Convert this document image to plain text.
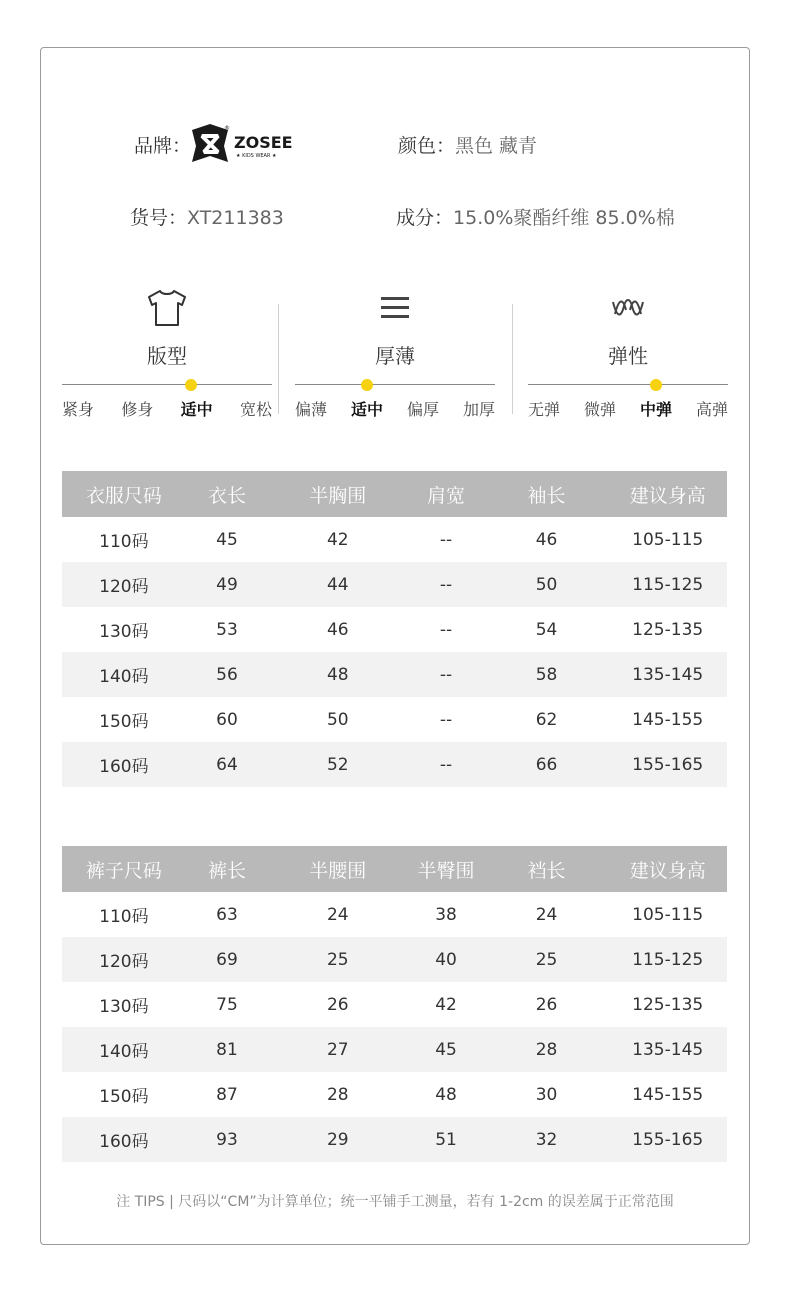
品牌：
®
ZOSEE
★ KIDS WEAR ★	颜色：黑色 藏青
货号：XT211383	成分：15.0%聚酯纤维 85.0%棉
版型
紧身 修身 适中 宽松
厚薄
偏薄 适中 偏厚 加厚
弹性
无弹 微弹 中弹 高弹
衣服尺码	衣长	半胸围	肩宽	袖长	建议身高
110码	45	42	--	46	105-115
120码	49	44	--	50	115-125
130码	53	46	--	54	125-135
140码	56	48	--	58	135-145
150码	60	50	--	62	145-155
160码	64	52	--	66	155-165
裤子尺码	裤长	半腰围	半臀围	裆长	建议身高
110码	63	24	38	24	105-115
120码	69	25	40	25	115-125
130码	75	26	42	26	125-135
140码	81	27	45	28	135-145
150码	87	28	48	30	145-155
160码	93	29	51	32	155-165
注 TIPS | 尺码以“CM”为计算单位；统一平铺手工测量，若有 1-2cm 的误差属于正常范围
